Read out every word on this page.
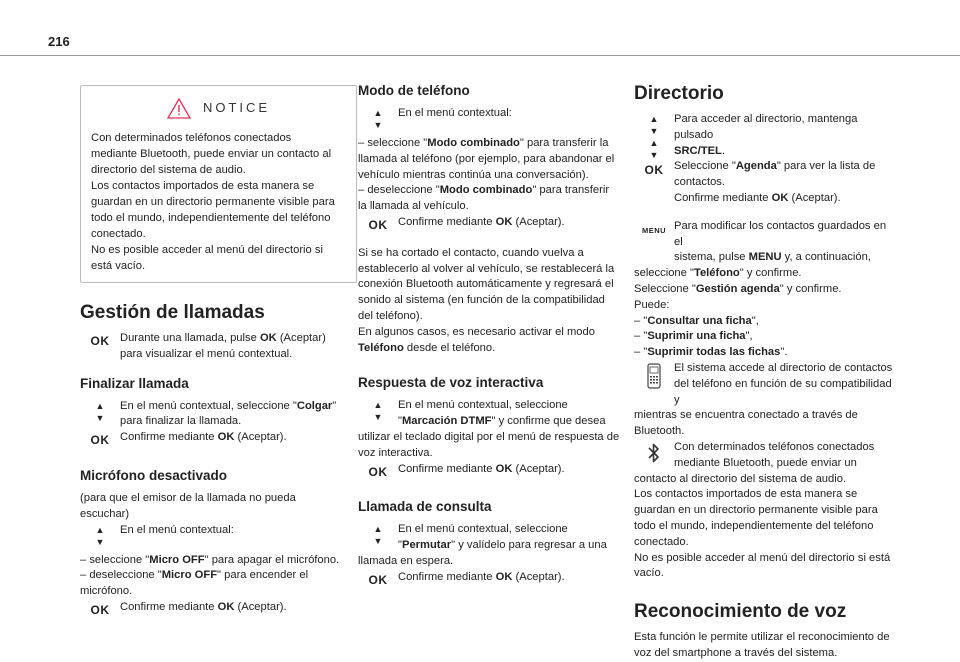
216
NOTICE

Con determinados teléfonos conectados

mediante Bluetooth, puede enviar un contacto al

directorio del sistema de audio.

Los contactos importados de esta manera se

guardan en un directorio permanente visible para

todo el mundo, independientemente del teléfono

conectado.

No es posible acceder al menú del directorio si

está vacío.

Gestión de llamadas
OK Durante una llamada, pulse OK (Aceptar)

para visualizar el menú contextual.

Finalizar llamada
▲
▼

En el menú contextual, seleccione "Colgar"

para finalizar la llamada.

OK Confirme mediante OK (Aceptar).

Micrófono desactivado

(para que el emisor de la llamada no pueda

escuchar)

▲
▼

En el menú contextual:

– seleccione "Micro OFF" para apagar el micrófono.

– deseleccione "Micro OFF" para encender el

micrófono.

OK Confirme mediante OK (Aceptar).

Modo de teléfono
▲
▼

En el menú contextual:

– seleccione "Modo combinado" para transferir la

llamada al teléfono (por ejemplo, para abandonar el

vehículo mientras continúa una conversación).

– deseleccione "Modo combinado" para transferir

la llamada al vehículo.

OK Confirme mediante OK (Aceptar).

Si se ha cortado el contacto, cuando vuelva a

establecerlo al volver al vehículo, se restablecerá la

conexión Bluetooth automáticamente y regresará el

sonido al sistema (en función de la compatibilidad

del teléfono).

En algunos casos, es necesario activar el modo

Teléfono desde el teléfono.

Respuesta de voz interactiva
▲
▼

En el menú contextual, seleccione

"Marcación DTMF" y confirme que desea

utilizar el teclado digital por el menú de respuesta de

voz interactiva.

OK Confirme mediante OK (Aceptar).

Llamada de consulta
▲
▼

En el menú contextual, seleccione

"Permutar" y valídelo para regresar a una

llamada en espera.

OK Confirme mediante OK (Aceptar).

Directorio
▲
▼
▲
▼
OK

Para acceder al directorio, mantenga pulsado

SRC/TEL.

Seleccione "Agenda" para ver la lista de

contactos.

Confirme mediante OK (Aceptar).

MENU Para modificar los contactos guardados en el

sistema, pulse MENU y, a continuación,

seleccione "Teléfono" y confirme.

Seleccione "Gestión agenda" y confirme.

Puede:

– "Consultar una ficha",

– "Suprimir una ficha",

– "Suprimir todas las fichas".

El sistema accede al directorio de contactos

del teléfono en función de su compatibilidad y

mientras se encuentra conectado a través de

Bluetooth.

Con determinados teléfonos conectados

mediante Bluetooth, puede enviar un

contacto al directorio del sistema de audio.

Los contactos importados de esta manera se

guardan en un directorio permanente visible para

todo el mundo, independientemente del teléfono

conectado.

No es posible acceder al menú del directorio si está

vacío.

Reconocimiento de voz

Esta función le permite utilizar el reconocimiento de

voz del smartphone a través del sistema.
